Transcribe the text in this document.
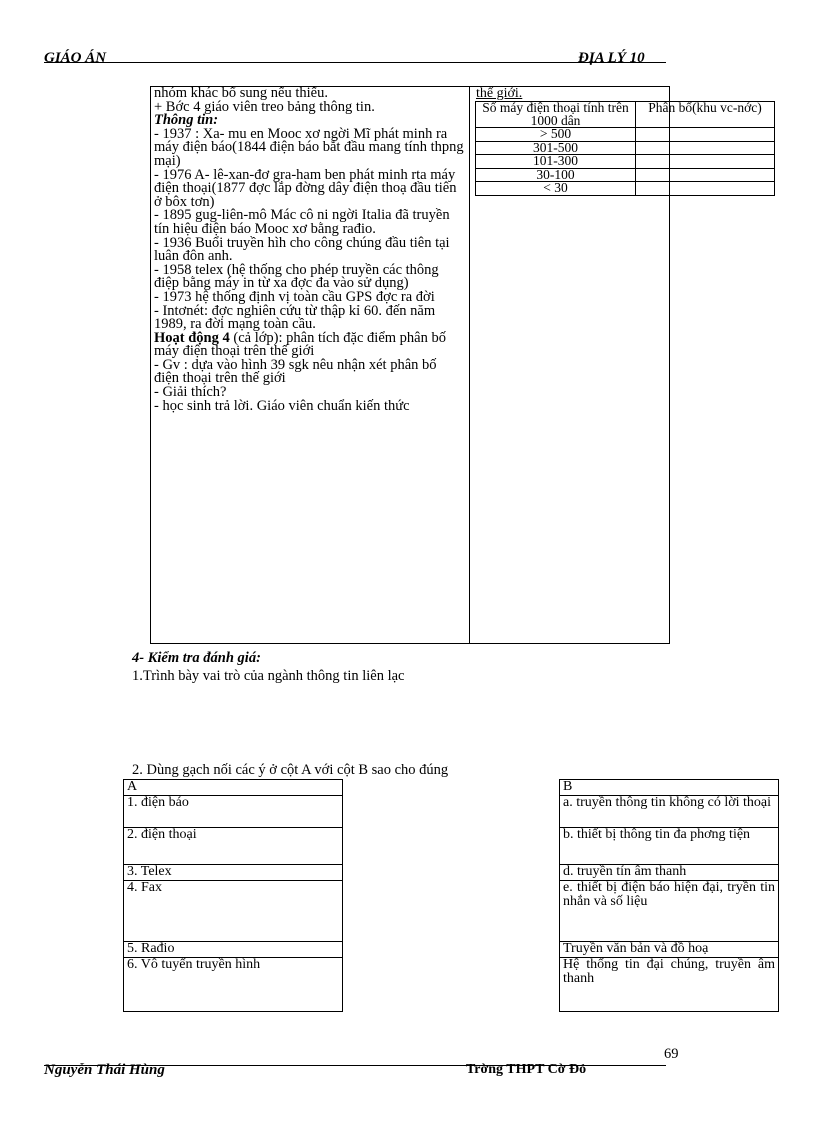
GIÁO ÁN	ĐỊA LÝ 10

nhóm khác bổ sung nếu thiếu.

+ Bớc 4 giáo viên treo bảng thông tin.

Thông tin:

- 1937 : Xa- mu en Mooc xơ ngời Mĩ phát minh ra máy điện báo(1844 điện báo bắt đầu mang tính thpng mại)

- 1976 A- lê-xan-đơ gra-ham ben phát minh rta máy điện thoại(1877 đợc lắp đờng dây điện thoạ đầu tiên ở bôx tơn)

- 1895 gug-liên-mô Mác cô ni ngời Italia đã truyền tín hiệu điện báo Mooc xơ bằng rađio.

- 1936 Buổi truyền hìh cho công chúng đầu tiên tại luân đôn anh.

- 1958 telex (hệ thống cho phép truyền các thông điệp bằng máy in từ xa đợc đa vào sử dụng)

- 1973 hệ thống định vị toàn cầu GPS đợc ra đời

- Intơnét: đợc nghiên cứu từ thập kỉ 60. đến năm 1989, ra đời mạng toàn cầu.

Hoạt động 4 (cả lớp): phân tích đặc điểm phân bố máy điện thoại trên thế giới

- Gv : dựa vào hình 39 sgk nêu nhận xét phân bố điện thoại trên thế giới

- Giải thích?

- học sinh trả lời. Giáo viên chuẩn kiến thức

thế giới.
Số máy điện thoại tính trên 1000 dân	Phân bố(khu vc-nớc)
> 500	
301-500	
101-300	
30-100	
< 30	
4- Kiểm tra đánh giá:
1.Trình bày vai trò của ngành thông tin liên lạc
2. Dùng gạch nối các ý ở cột A với cột B sao cho đúng
A		B
1. điện báo		a. truyền thông tin không có lời thoại
2. điện thoại		b. thiết bị thông tin đa phơng tiện
3. Telex		d. truyền tín âm thanh
4. Fax		e. thiết bị điện báo hiện đại, tryền tin nhắn và số liệu
5. Rađio		Truyền văn bản và đồ hoạ
6. Vô tuyến truyền hình		Hệ thống tin đại chúng, truyền âm thanh
69
Nguyễn Thái Hùng	Trờng THPT Cờ Đỏ
